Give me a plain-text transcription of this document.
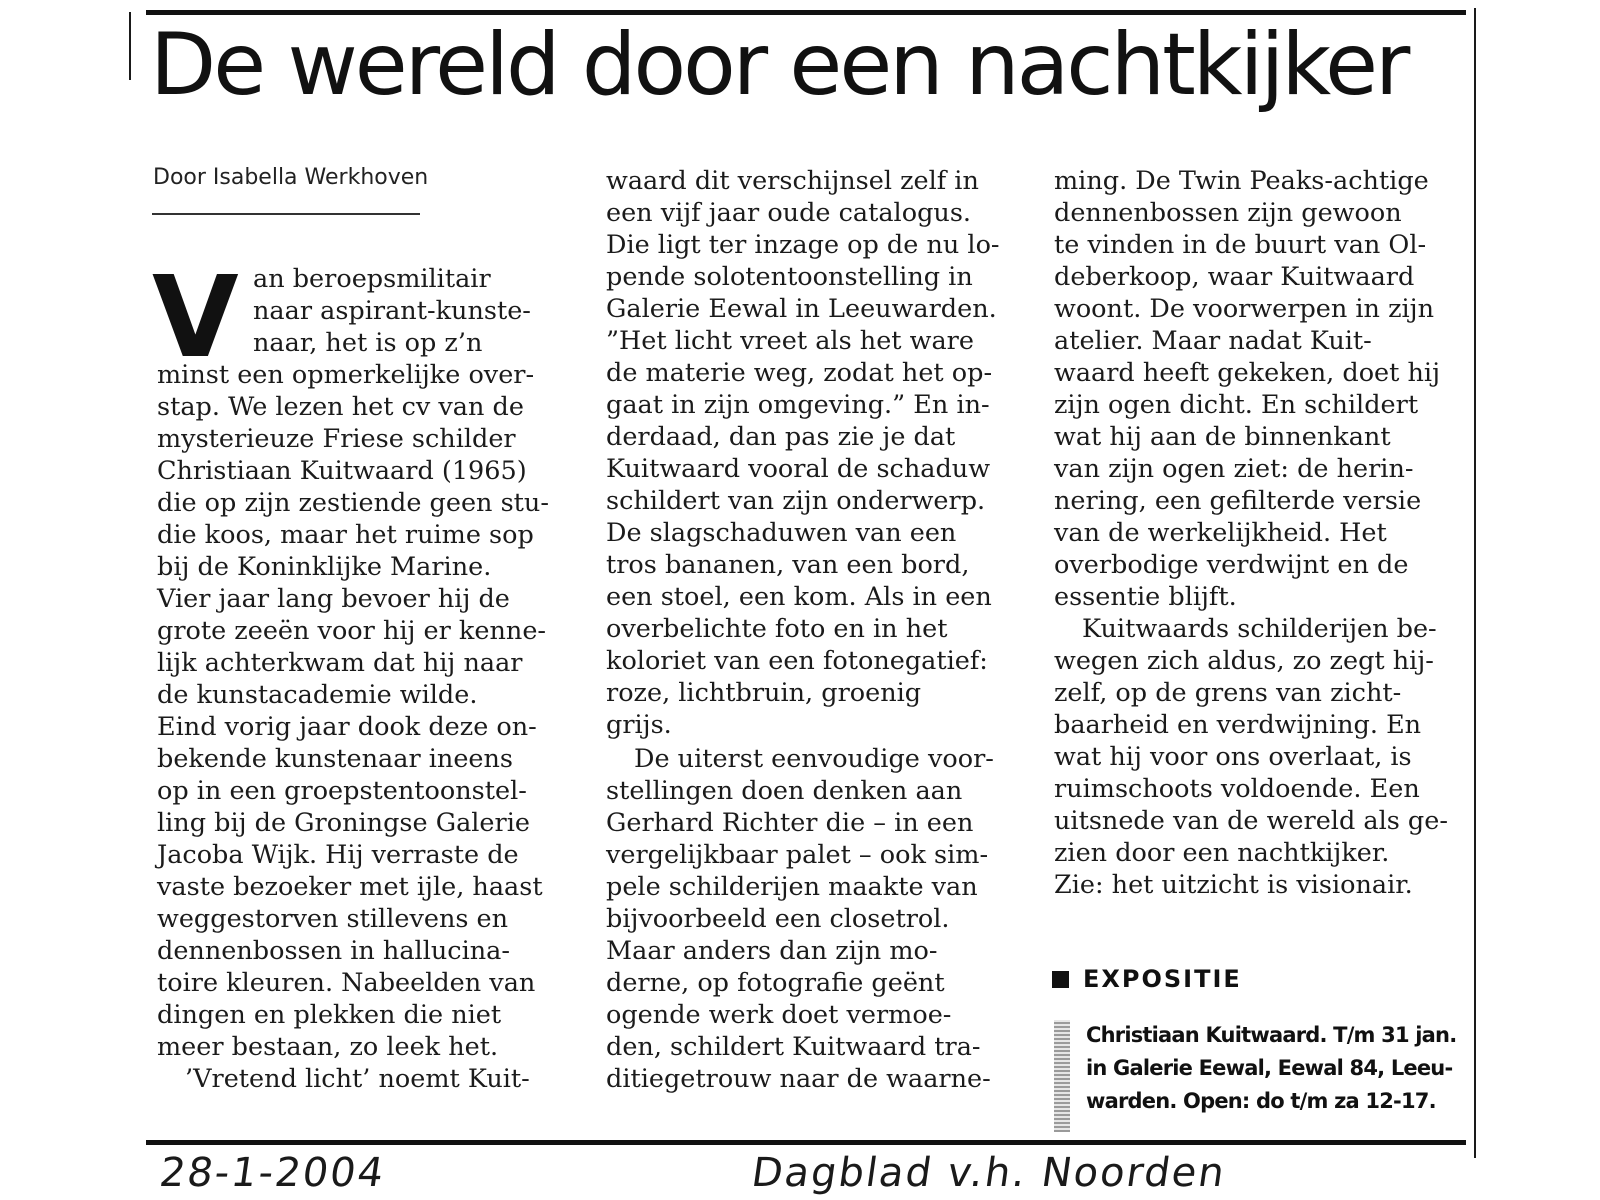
De wereld door een nachtkijker
Door Isabella Werkhoven
V an beroepsmilitair
naar aspirant-kunste-
naar, het is op z’n
minst een opmerkelijke over-
stap. We lezen het cv van de
mysterieuze Friese schilder
Christiaan Kuitwaard (1965)
die op zijn zestiende geen stu-
die koos, maar het ruime sop
bij de Koninklijke Marine.
Vier jaar lang bevoer hij de
grote zeeën voor hij er kenne-
lijk achterkwam dat hij naar
de kunstacademie wilde.
Eind vorig jaar dook deze on-
bekende kunstenaar ineens
op in een groepstentoonstel-
ling bij de Groningse Galerie
Jacoba Wijk. Hij verraste de
vaste bezoeker met ijle, haast
weggestorven stillevens en
dennenbossen in hallucina-
toire kleuren. Nabeelden van
dingen en plekken die niet
meer bestaan, zo leek het.
’Vretend licht’ noemt Kuit-
waard dit verschijnsel zelf in
een vijf jaar oude catalogus.
Die ligt ter inzage op de nu lo-
pende solotentoonstelling in
Galerie Eewal in Leeuwarden.
”Het licht vreet als het ware
de materie weg, zodat het op-
gaat in zijn omgeving.” En in-
derdaad, dan pas zie je dat
Kuitwaard vooral de schaduw
schildert van zijn onderwerp.
De slagschaduwen van een
tros bananen, van een bord,
een stoel, een kom. Als in een
overbelichte foto en in het
koloriet van een fotonegatief:
roze, lichtbruin, groenig
grijs.
De uiterst eenvoudige voor-
stellingen doen denken aan
Gerhard Richter die – in een
vergelijkbaar palet – ook sim-
pele schilderijen maakte van
bijvoorbeeld een closetrol.
Maar anders dan zijn mo-
derne, op fotografie geënt
ogende werk doet vermoe-
den, schildert Kuitwaard tra-
ditiegetrouw naar de waarne-
ming. De Twin Peaks-achtige
dennenbossen zijn gewoon
te vinden in de buurt van Ol-
deberkoop, waar Kuitwaard
woont. De voorwerpen in zijn
atelier. Maar nadat Kuit-
waard heeft gekeken, doet hij
zijn ogen dicht. En schildert
wat hij aan de binnenkant
van zijn ogen ziet: de herin-
nering, een gefilterde versie
van de werkelijkheid. Het
overbodige verdwijnt en de
essentie blijft.
Kuitwaards schilderijen be-
wegen zich aldus, zo zegt hij-
zelf, op de grens van zicht-
baarheid en verdwijning. En
wat hij voor ons overlaat, is
ruimschoots voldoende. Een
uitsnede van de wereld als ge-
zien door een nachtkijker.
Zie: het uitzicht is visionair.
EXPOSITIE
Christiaan Kuitwaard. T/m 31 jan.
in Galerie Eewal, Eewal 84, Leeu-
warden. Open: do t/m za 12-17.
28-1-2004	Dagblad v.h. Noorden
